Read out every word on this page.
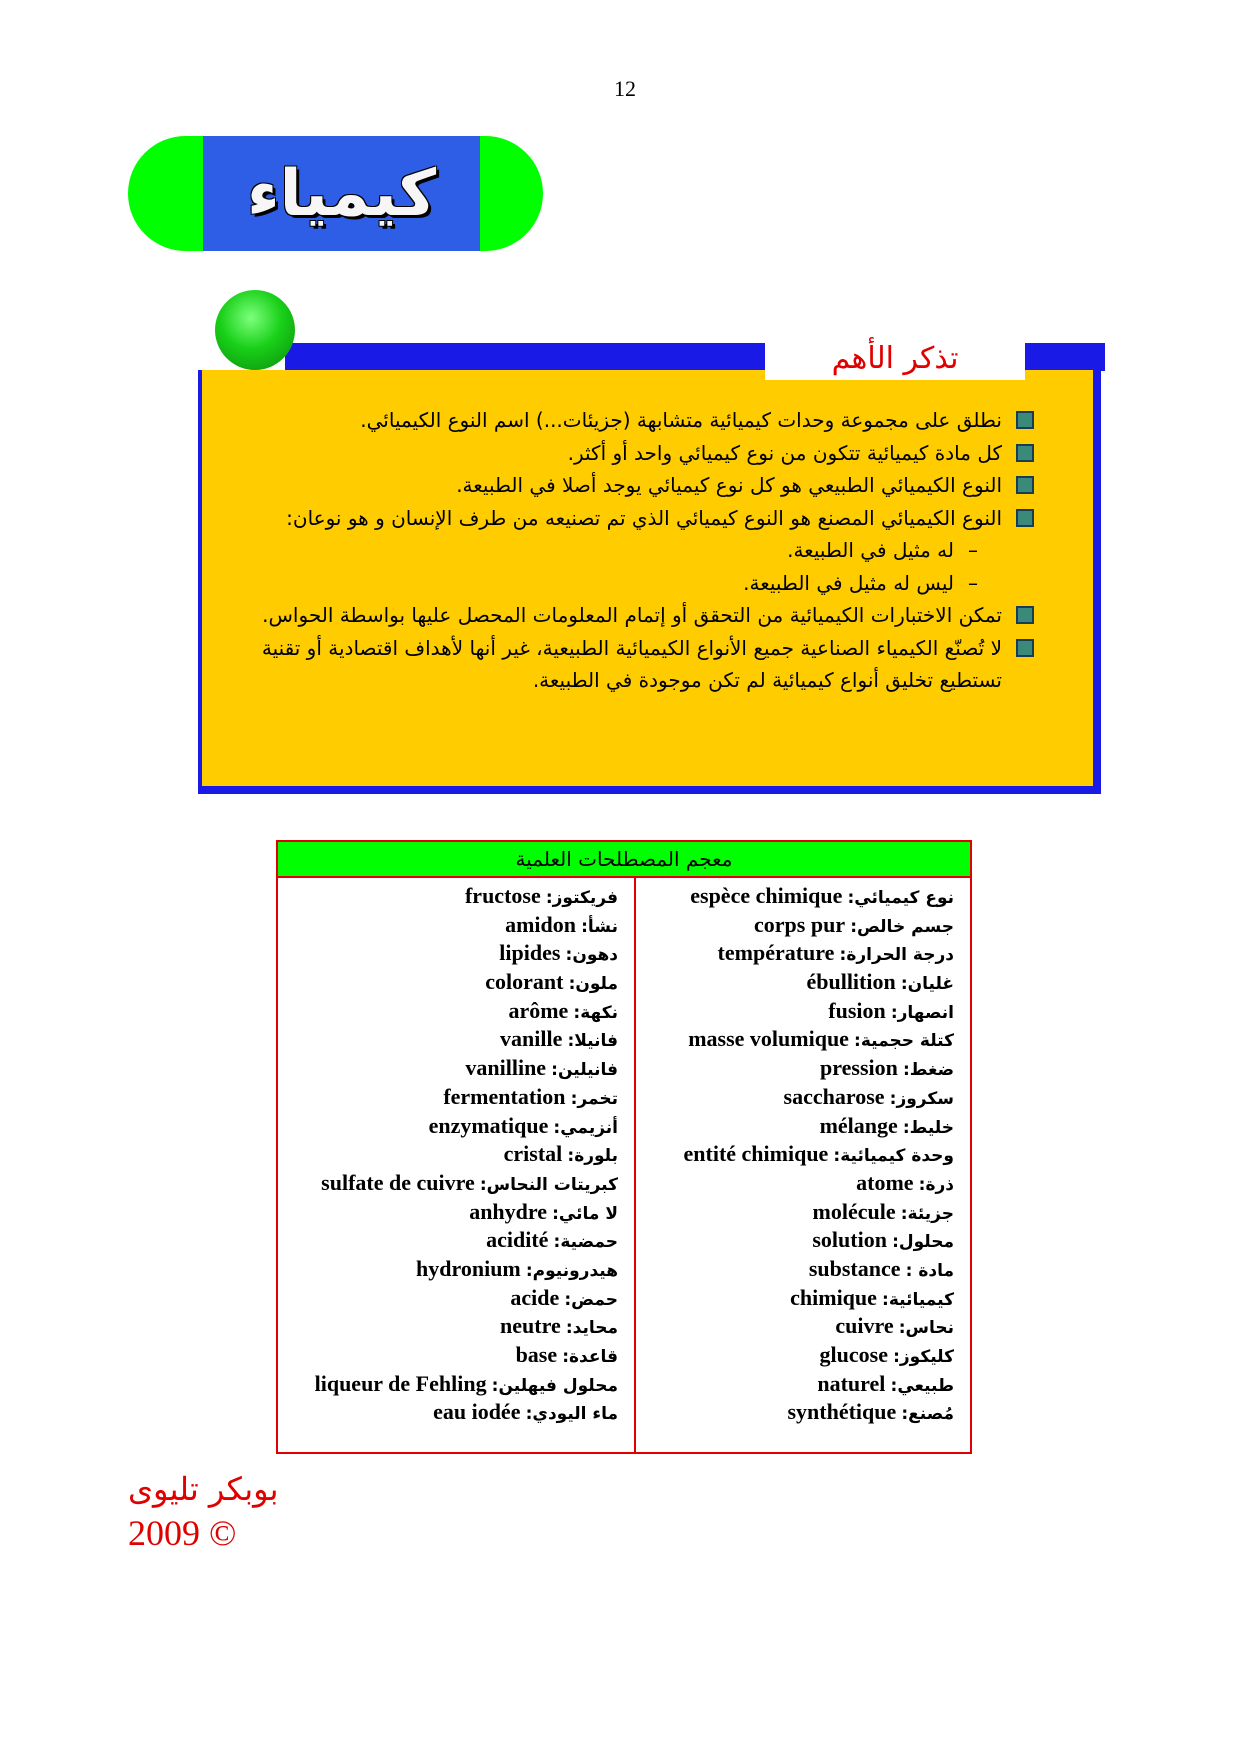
12
كيمياء
تذكر الأهم
نطلق على مجموعة وحدات كيميائية متشابهة (جزيئات...) اسم النوع الكيميائي.
كل مادة كيميائية تتكون من نوع كيميائي واحد أو أكثر.
النوع الكيميائي الطبيعي هو كل نوع كيميائي يوجد أصلا في الطبيعة.
النوع الكيميائي المصنع هو النوع كيميائي الذي تم تصنيعه من طرف الإنسان و هو نوعان:
–له مثيل في الطبيعة.
–ليس له مثيل في الطبيعة.
تمكن الاختبارات الكيميائية من التحقق أو إتمام المعلومات المحصل عليها بواسطة الحواس.
لا تُصنّع الكيمياء الصناعية جميع الأنواع الكيميائية الطبيعية، غير أنها لأهداف اقتصادية أو تقنية تستطيع تخليق أنواع كيميائية لم تكن موجودة في الطبيعة.
معجم المصطلحات العلمية
نوع كيميائي: espèce chimique
جسم خالص: corps pur
درجة الحرارة: température
غليان: ébullition
انصهار: fusion
كتلة حجمية: masse volumique
ضغط: pression
سكروز: saccharose
خليط: mélange
وحدة كيميائية: entité chimique
ذرة: atome
جزيئة: molécule
محلول: solution
مادة : substance
كيميائية: chimique
نحاس: cuivre
كليكوز: glucose
طبيعي: naturel
مُصنع: synthétique
فريكتوز: fructose
نشأ: amidon
دهون: lipides
ملون: colorant
نكهة: arôme
فانيلا: vanille
فانيلين: vanilline
تخمر: fermentation
أنزيمي: enzymatique
بلورة: cristal
كبريتات النحاس: sulfate de cuivre
لا مائي: anhydre
حمضية: acidité
هيدرونيوم: hydronium
حمض: acide
محايد: neutre
قاعدة: base
محلول فيهلين: liqueur de Fehling
ماء اليودي: eau iodée
بوبكر تليوى
2009 ©
